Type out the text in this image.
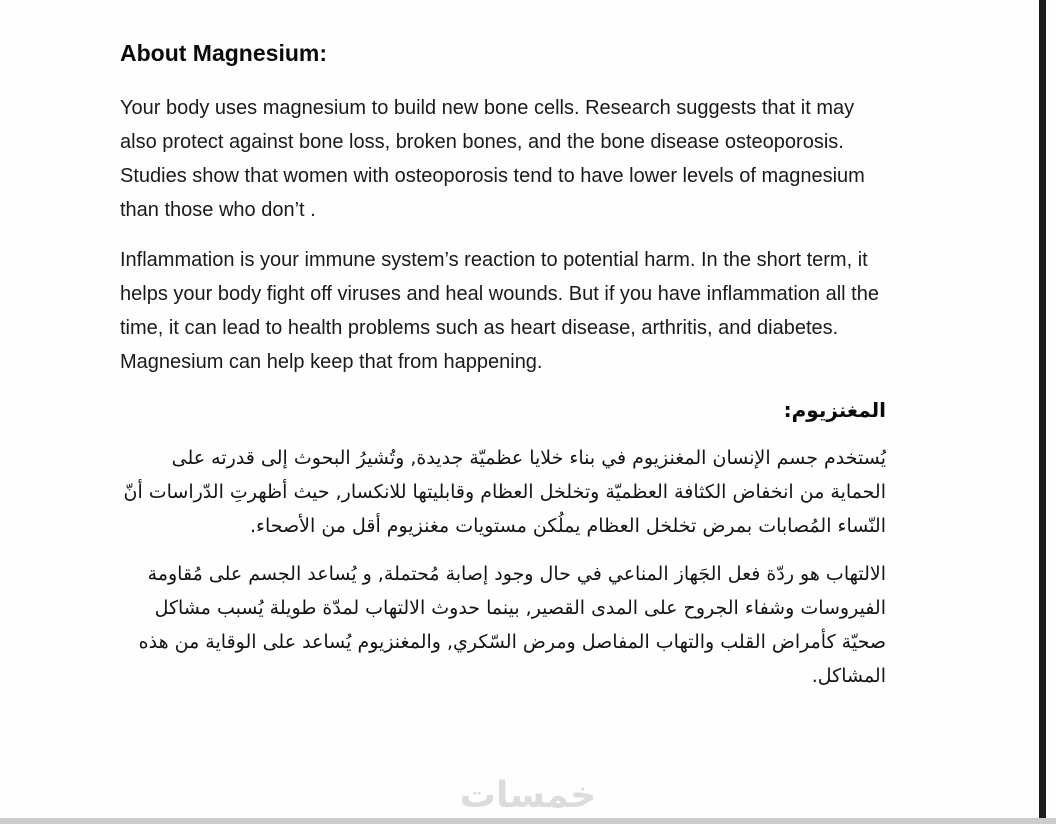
خمسات
About Magnesium:

Your body uses magnesium to build new bone cells. Research suggests that it may also protect against bone loss, broken bones, and the bone disease osteoporosis. Studies show that women with osteoporosis tend to have lower levels of magnesium than those who don’t .

Inflammation is your immune system’s reaction to potential harm. In the short term, it helps your body fight off viruses and heal wounds. But if you have inflammation all the time, it can lead to health problems such as heart disease, arthritis, and diabetes. Magnesium can help keep that from happening.

المغنزيوم:

يُستخدم جسم الإنسان المغنزيوم في بناء خلايا عظميّة جديدة, وتُشيرُ البحوث إلى قدرته على الحماية من انخفاض الكثافة العظميّة وتخلخل العظام وقابليتها للانكسار, حيث أظهرتِ الدّراسات أنّ النّساء المُصابات بمرض تخلخل العظام يملُكن مستويات مغنزيوم أقل من الأصحاء.

الالتهاب هو ردّة فعل الجَهاز المناعي في حال وجود إصابة مُحتملة, و يُساعد الجسم على مُقاومة الفيروسات وشفاء الجروح على المدى القصير, بينما حدوث الالتهاب لمدّة طويلة يُسبب مشاكل صحيّة كأمراض القلب والتهاب المفاصل ومرض السّكري, والمغنزيوم يُساعد على الوقاية من هذه المشاكل.
